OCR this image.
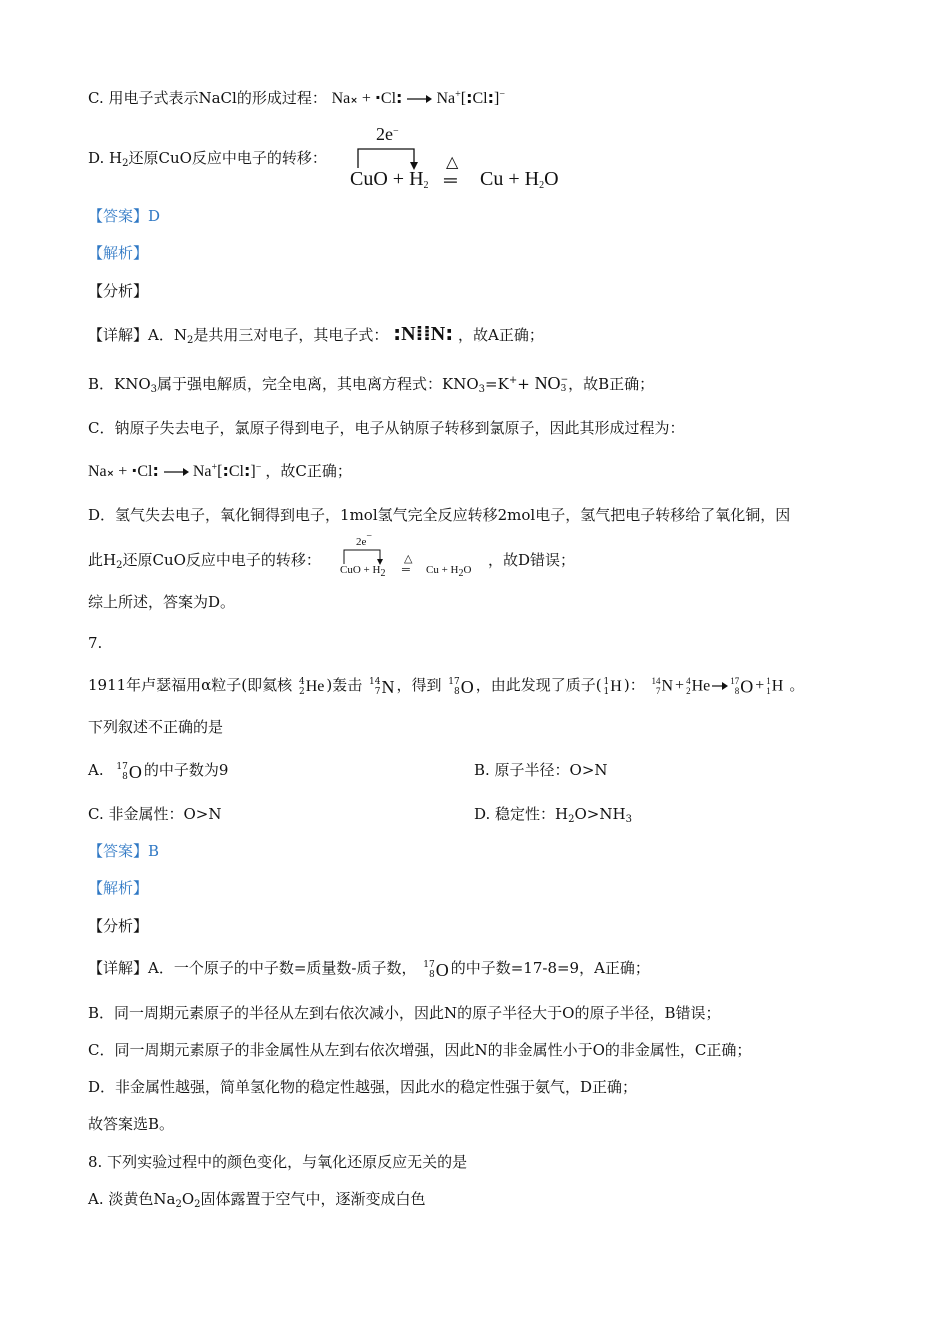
C. 用电子式表示NaCl的形成过程： Na× + ·Cl: Na+[:Cl:]−
D. $H_2$还原CuO反应中电子的转移：
2e−
CuO + $H_2$
△
═ $Cu + H_2O$
【答案】D
【解析】
【分析】
【详解】A．$N_2$是共用三对电子，其电子式： :N⁞⁞N: ，故A正确；
B．$KNO_3$属于强电解质，完全电离，其电离方程式：$KNO_3=K^++$ NO −
3 ，故B正确；
C．钠原子失去电子，氯原子得到电子，电子从钠原子转移到氯原子，因此其形成过程为：
Na× + ·Cl: Na+[:Cl:]− ，故C正确；
D．氢气失去电子，氧化铜得到电子，1mol氢气完全反应转移2mol电子，氢气把电子转移给了氧化铜，因
此$H_2$还原CuO反应中电子的转移：
2e−
CuO + $H_2$
△
═ $Cu + H_2O$
，故D错误；
综上所述，答案为D。
7.
1911年卢瑟福用α粒子(即氦核 4
2 He )轰击 14
7 N ，得到 17
8 O ，由此发现了质子( 1
1 H )： 14
7 N + 4
2 He 17
8 O + 1
1 H 。
下列叙述不正确的是
A. 17
8 O 的中子数为9	B. 原子半径：O>N
C. 非金属性：O>N	D. 稳定性：$H_2O>NH_3$
【答案】B
【解析】
【分析】
【详解】A．一个原子的中子数=质量数-质子数， 17
8 O 的中子数=17-8=9，A正确；
B．同一周期元素原子的半径从左到右依次减小，因此N的原子半径大于O的原子半径，B错误；
C．同一周期元素原子的非金属性从左到右依次增强，因此N的非金属性小于O的非金属性，C正确；
D．非金属性越强，简单氢化物的稳定性越强，因此水的稳定性强于氨气，D正确；
故答案选B。
8. 下列实验过程中的颜色变化，与氧化还原反应无关的是
A. 淡黄色$Na_2O_2$固体露置于空气中，逐渐变成白色
